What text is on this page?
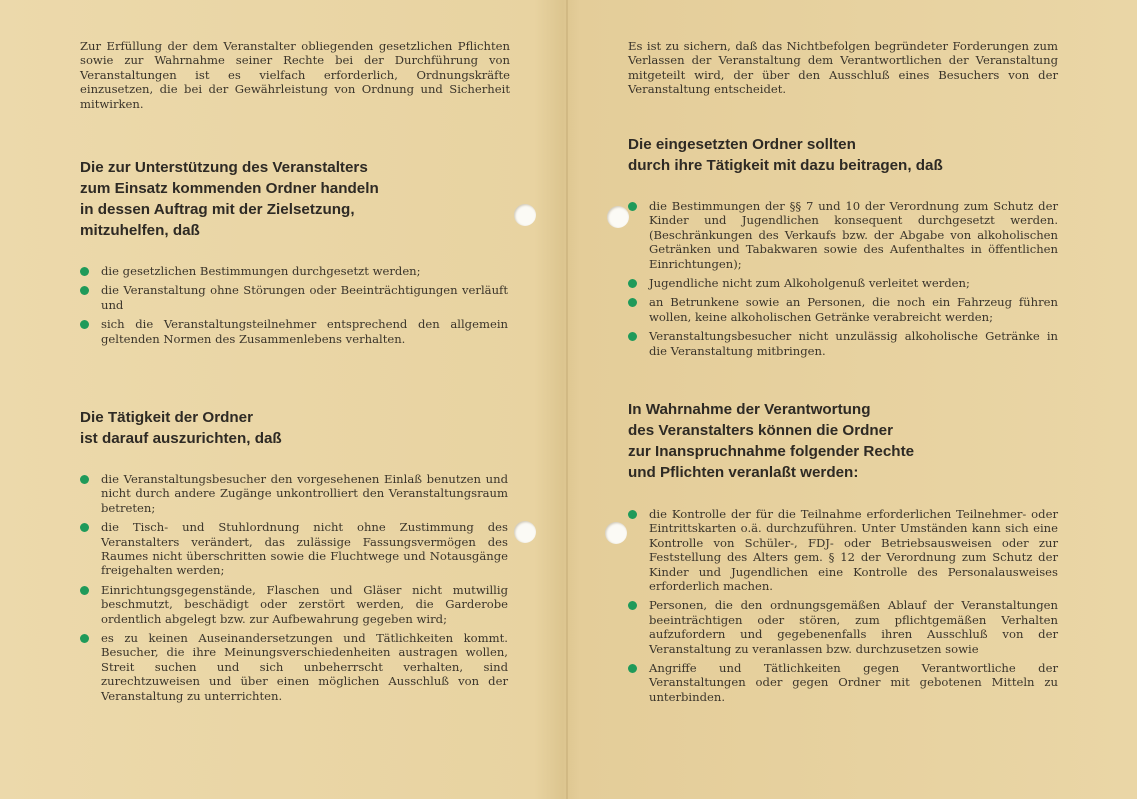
Zur Erfüllung der dem Veranstalter obliegenden gesetzlichen Pflichten sowie zur Wahrnahme seiner Rechte bei der Durchführung von Veranstaltungen ist es vielfach erforderlich, Ordnungskräfte einzusetzen, die bei der Gewährleistung von Ordnung und Sicherheit mitwirken.

Die zur Unterstützung des Veranstalters
zum Einsatz kommenden Ordner handeln
in dessen Auftrag mit der Zielsetzung,
mitzuhelfen, daß
die gesetzlichen Bestimmungen durchgesetzt werden;
die Veranstaltung ohne Störungen oder Beeinträchtigungen verläuft und
sich die Veranstaltungsteilnehmer entsprechend den allgemein geltenden Normen des Zusammenlebens verhalten.
Die Tätigkeit der Ordner
ist darauf auszurichten, daß
die Veranstaltungsbesucher den vorgesehenen Einlaß benutzen und nicht durch andere Zugänge unkontrolliert den Veranstaltungsraum betreten;
die Tisch- und Stuhlordnung nicht ohne Zustimmung des Veranstalters verändert, das zulässige Fassungsvermögen des Raumes nicht überschritten sowie die Fluchtwege und Notausgänge freigehalten werden;
Einrichtungsgegenstände, Flaschen und Gläser nicht mutwillig beschmutzt, beschädigt oder zerstört werden, die Garderobe ordentlich abgelegt bzw. zur Aufbewahrung gegeben wird;
es zu keinen Auseinandersetzungen und Tätlichkeiten kommt. Besucher, die ihre Meinungsverschiedenheiten austragen wollen, Streit suchen und sich unbeherrscht verhalten, sind zurechtzuweisen und über einen möglichen Ausschluß von der Veranstaltung zu unterrichten.

Es ist zu sichern, daß das Nichtbefolgen begründeter Forderungen zum Verlassen der Veranstaltung dem Verantwortlichen der Veranstaltung mitgeteilt wird, der über den Ausschluß eines Besuchers von der Veranstaltung entscheidet.

Die eingesetzten Ordner sollten
durch ihre Tätigkeit mit dazu beitragen, daß
die Bestimmungen der §§ 7 und 10 der Verordnung zum Schutz der Kinder und Jugendlichen konsequent durchgesetzt werden. (Beschränkungen des Verkaufs bzw. der Abgabe von alkoholischen Getränken und Tabakwaren sowie des Aufenthaltes in öffentlichen Einrichtungen);
Jugendliche nicht zum Alkoholgenuß verleitet werden;
an Betrunkene sowie an Personen, die noch ein Fahrzeug führen wollen, keine alkoholischen Getränke verabreicht werden;
Veranstaltungsbesucher nicht unzulässig alkoholische Getränke in die Veranstaltung mitbringen.
In Wahrnahme der Verantwortung
des Veranstalters können die Ordner
zur Inanspruchnahme folgender Rechte
und Pflichten veranlaßt werden:
die Kontrolle der für die Teilnahme erforderlichen Teilnehmer- oder Eintrittskarten o.ä. durchzuführen. Unter Umständen kann sich eine Kontrolle von Schüler-, FDJ- oder Betriebsausweisen oder zur Feststellung des Alters gem. § 12 der Verordnung zum Schutz der Kinder und Jugendlichen eine Kontrolle des Personalausweises erforderlich machen.
Personen, die den ordnungsgemäßen Ablauf der Veranstaltungen beeinträchtigen oder stören, zum pflichtgemäßen Verhalten aufzufordern und gegebenenfalls ihren Ausschluß von der Veranstaltung zu veranlassen bzw. durchzusetzen sowie
Angriffe und Tätlichkeiten gegen Verantwortliche der Veranstaltungen oder gegen Ordner mit gebotenen Mitteln zu unterbinden.
